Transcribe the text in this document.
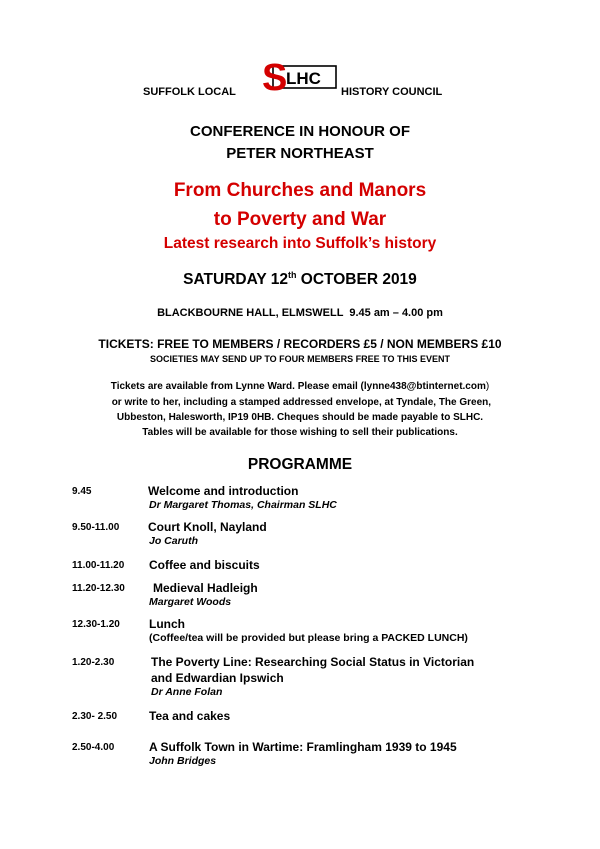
SUFFOLK LOCAL S
LHC
HISTORY COUNCIL
CONFERENCE IN HONOUR OF
PETER NORTHEAST
From Churches and Manors
to Poverty and War
Latest research into Suffolk’s history
SATURDAY 12th OCTOBER 2019
BLACKBOURNE HALL, ELMSWELL  9.45 am – 4.00 pm
TICKETS: FREE TO MEMBERS / RECORDERS £5 / NON MEMBERS £10
SOCIETIES MAY SEND UP TO FOUR MEMBERS FREE TO THIS EVENT
Tickets are available from Lynne Ward. Please email (lynne438@btinternet.com)
or write to her, including a stamped addressed envelope, at Tyndale, The Green,
Ubbeston, Halesworth, IP19 0HB. Cheques should be made payable to SLHC.
Tables will be available for those wishing to sell their publications.
PROGRAMME
9.45	Welcome and introduction
Dr Margaret Thomas, Chairman SLHC
9.50-11.00 Court Knoll, Nayland
Jo Caruth
11.00-11.20 Coffee and biscuits
11.20-12.30 Medieval Hadleigh
Margaret Woods
12.30-1.20 Lunch
(Coffee/tea will be provided but please bring a PACKED LUNCH)
1.20-2.30	The Poverty Line: Researching Social Status in Victorian
and Edwardian Ipswich
Dr Anne Folan
2.30- 2.50	Tea and cakes
2.50-4.00	A Suffolk Town in Wartime: Framlingham 1939 to 1945
John Bridges
